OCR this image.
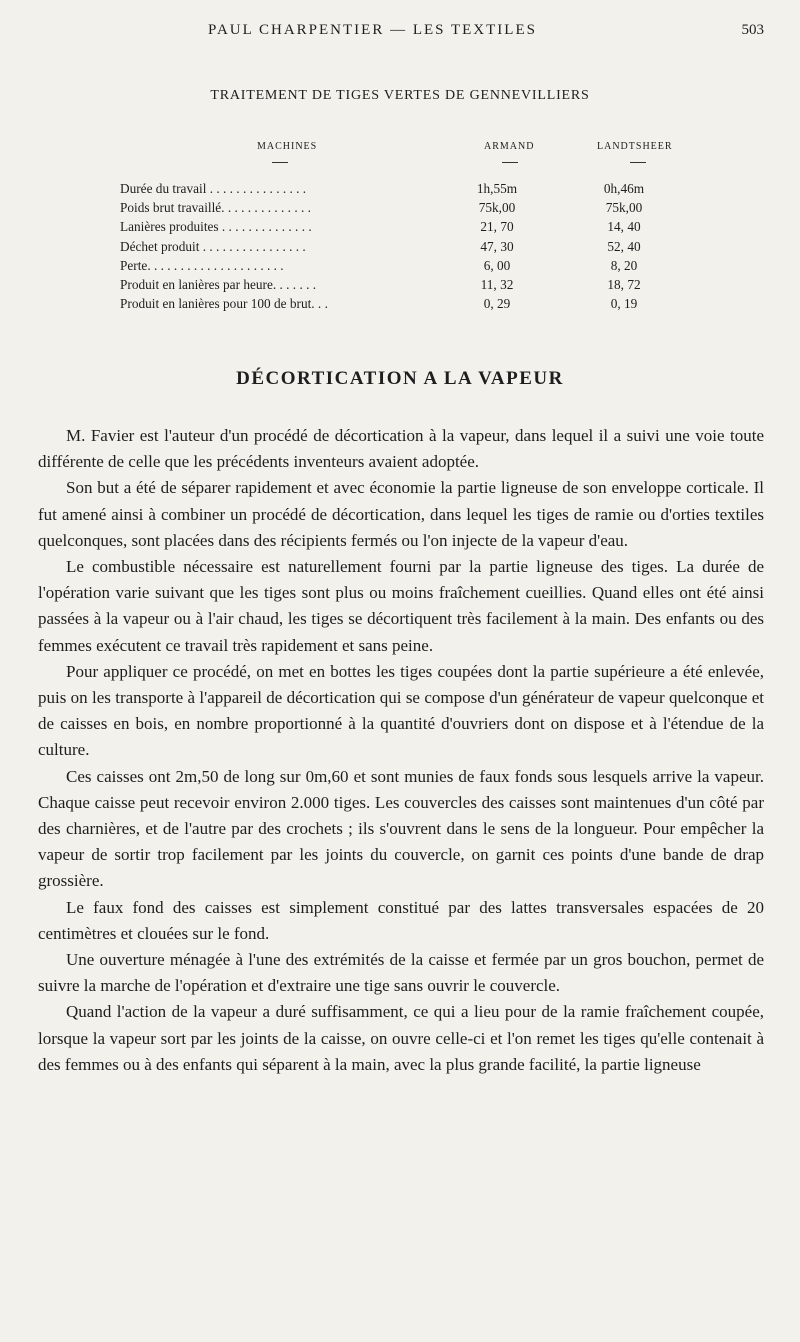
PAUL CHARPENTIER — LES TEXTILES	503
TRAITEMENT DE TIGES VERTES DE GENNEVILLIERS
MACHINES	ARMAND	LANDTSHEER
Durée du travail . . . . . . . . . . . . . . .	1h,55m	0h,46m
Poids brut travaillé. . . . . . . . . . . . . .	75k,00	75k,00
Lanières produites . . . . . . . . . . . . . .	21, 70	14, 40
Déchet produit . . . . . . . . . . . . . . . .	47, 30	52, 40
Perte. . . . . . . . . . . . . . . . . . . . .	6, 00	8, 20
Produit en lanières par heure. . . . . . .	11, 32	18, 72
Produit en lanières pour 100 de brut. . .	0, 29	0, 19
DÉCORTICATION A LA VAPEUR

M. Favier est l'auteur d'un procédé de décortication à la vapeur, dans lequel il a suivi une voie toute différente de celle que les précédents inventeurs avaient adoptée.

Son but a été de séparer rapidement et avec économie la partie ligneuse de son enveloppe corticale. Il fut amené ainsi à combiner un procédé de décortication, dans lequel les tiges de ramie ou d'orties textiles quelconques, sont placées dans des récipients fermés ou l'on injecte de la vapeur d'eau.

Le combustible nécessaire est naturellement fourni par la partie ligneuse des tiges. La durée de l'opération varie suivant que les tiges sont plus ou moins fraîchement cueillies. Quand elles ont été ainsi passées à la vapeur ou à l'air chaud, les tiges se décortiquent très facilement à la main. Des enfants ou des femmes exécutent ce travail très rapidement et sans peine.

Pour appliquer ce procédé, on met en bottes les tiges coupées dont la partie supérieure a été enlevée, puis on les transporte à l'appareil de décortication qui se compose d'un générateur de vapeur quelconque et de caisses en bois, en nombre proportionné à la quantité d'ouvriers dont on dispose et à l'étendue de la culture.

Ces caisses ont 2m,50 de long sur 0m,60 et sont munies de faux fonds sous lesquels arrive la vapeur. Chaque caisse peut recevoir environ 2.000 tiges. Les couvercles des caisses sont maintenues d'un côté par des charnières, et de l'autre par des crochets ; ils s'ouvrent dans le sens de la longueur. Pour empêcher la vapeur de sortir trop facilement par les joints du couvercle, on garnit ces points d'une bande de drap grossière.

Le faux fond des caisses est simplement constitué par des lattes transversales espacées de 20 centimètres et clouées sur le fond.

Une ouverture ménagée à l'une des extrémités de la caisse et fermée par un gros bouchon, permet de suivre la marche de l'opération et d'extraire une tige sans ouvrir le couvercle.

Quand l'action de la vapeur a duré suffisamment, ce qui a lieu pour de la ramie fraîchement coupée, lorsque la vapeur sort par les joints de la caisse, on ouvre celle-ci et l'on remet les tiges qu'elle contenait à des femmes ou à des enfants qui séparent à la main, avec la plus grande facilité, la partie ligneuse
